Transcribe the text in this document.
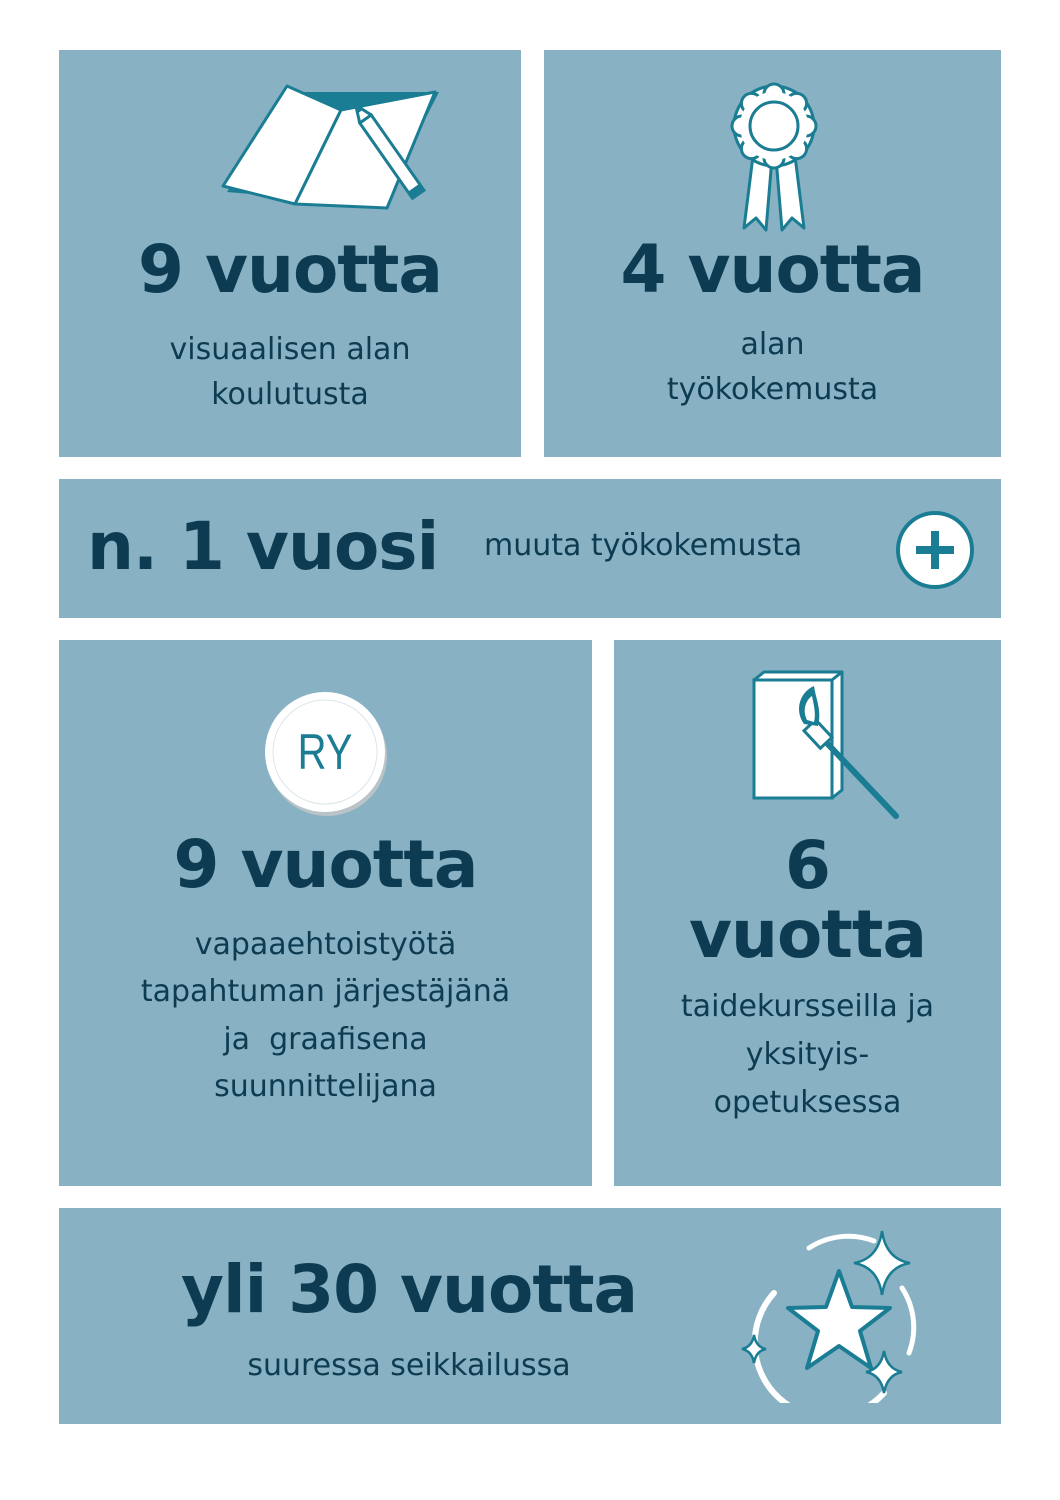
9 vuotta
visuaalisen alan
koulutusta
4 vuotta
alan
työkokemusta
n. 1 vuosi muuta työkokemusta
RY
9 vuotta
vapaaehtoistyötä
tapahtuman järjestäjänä
ja  graafisena
suunnittelijana
6
vuotta
taidekursseilla ja
yksityis-
opetuksessa
yli 30 vuotta
suuressa seikkailussa
